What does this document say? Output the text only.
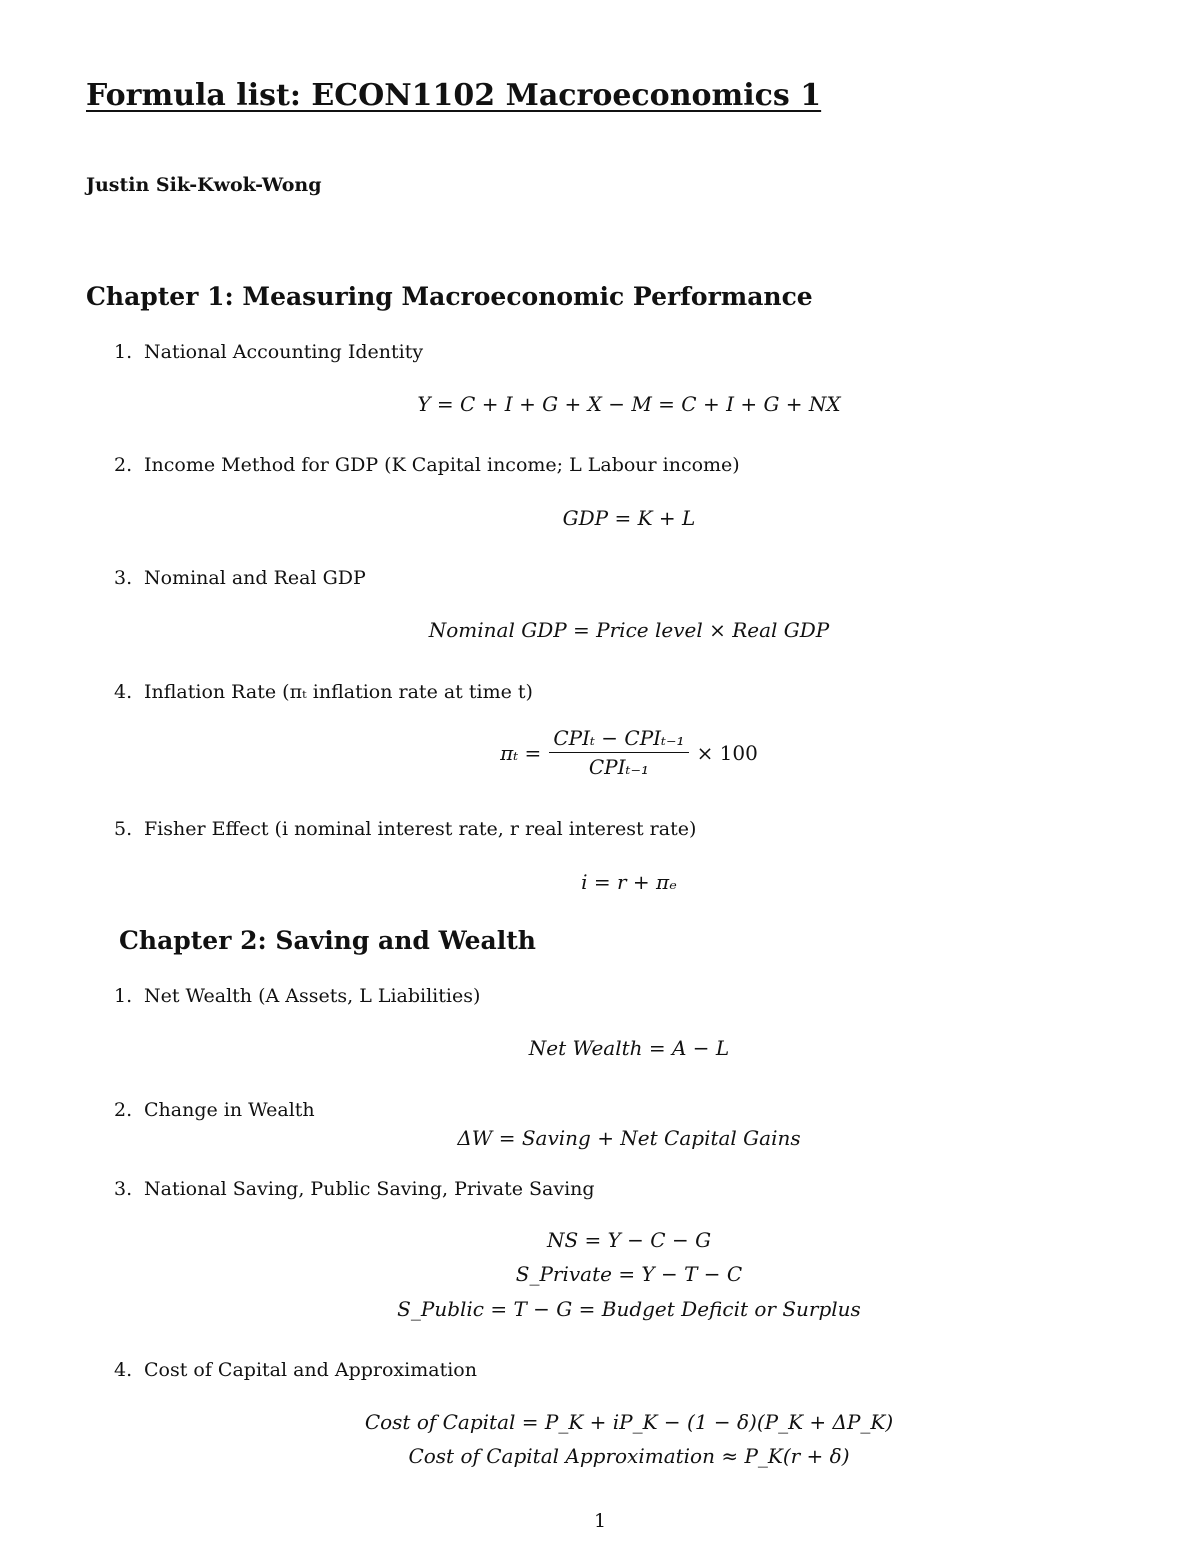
Formula list: ECON1102 Macroeconomics 1
Justin Sik-Kwok-Wong
Chapter 1: Measuring Macroeconomic Performance
1. National Accounting Identity
Y = C + I + G + X − M = C + I + G + NX
2. Income Method for GDP (K Capital income; L Labour income)
GDP = K + L
3. Nominal and Real GDP
Nominal GDP = Price level × Real GDP
4. Inflation Rate (πₜ inflation rate at time t)
$\pi_t = \frac{\text{CPIₜ − CPIₜ₋₁}}{\text{CPIₜ₋₁}} \times 100$
5. Fisher Effect (i nominal interest rate, r real interest rate)
i = r + πₑ
Chapter 2: Saving and Wealth
1. Net Wealth (A Assets, L Liabilities)
Net Wealth = A − L
2. Change in Wealth
ΔW = Saving + Net Capital Gains
3. National Saving, Public Saving, Private Saving
NS = Y − C − G
S_Private = Y − T − C
S_Public = T − G = Budget Deficit or Surplus
4. Cost of Capital and Approximation
Cost of Capital = P_K + iP_K − (1 − δ)(P_K + ΔP_K)
Cost of Capital Approximation ≈ P_K(r + δ)
1
